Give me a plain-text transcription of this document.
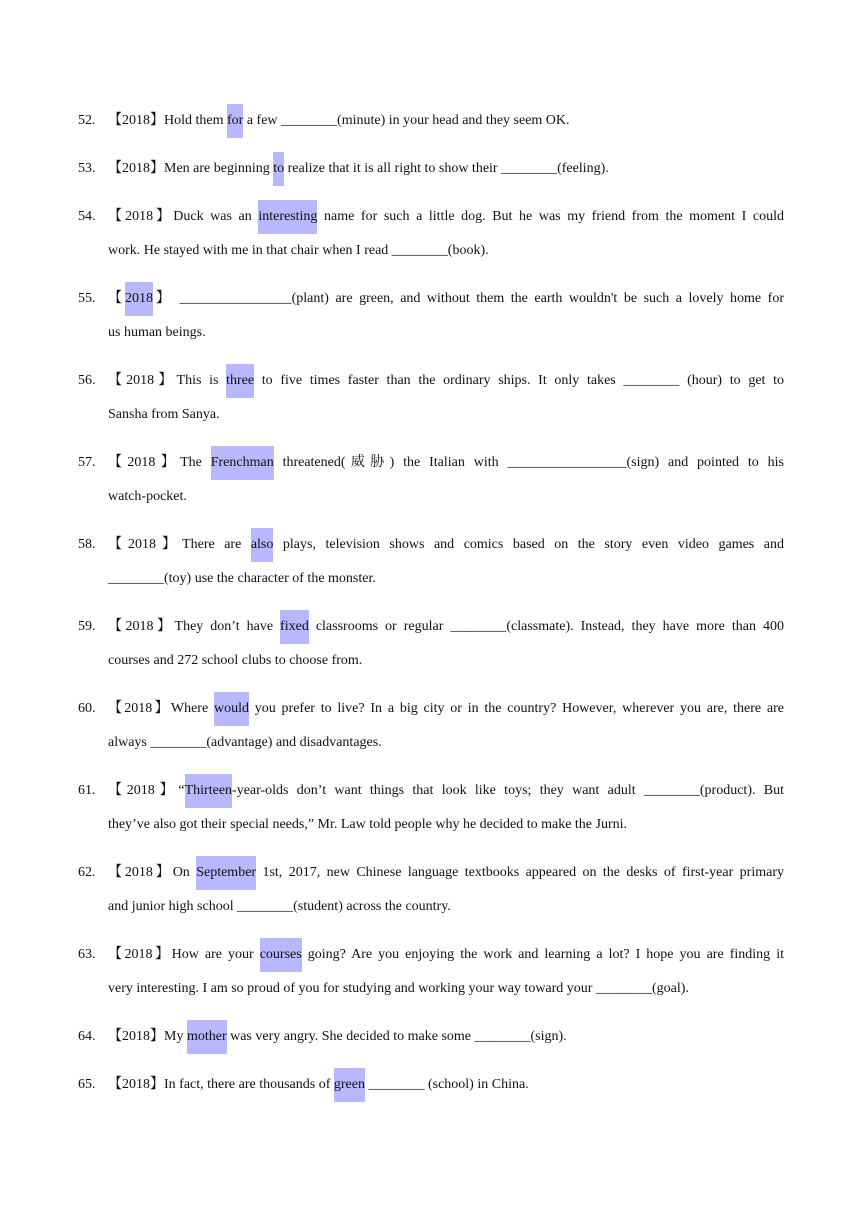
52. 【2018】Hold them for a few ________(minute) in your head and they seem OK.
53. 【2018】Men are beginning to realize that it is all right to show their ________(feeling).
54. 【2018】Duck was an interesting name for such a little dog. But he was my friend from the moment I could
work. He stayed with me in that chair when I read ________(book).
55. 【2018】 ________________(plant) are green, and without them the earth wouldn't be such a lovely home for
us human beings.
56. 【2018】This is three to five times faster than the ordinary ships. It only takes ________ (hour) to get to
Sansha from Sanya.
57. 【2018】The Frenchman threatened(威胁) the Italian with _________________(sign) and pointed to his
watch-pocket.
58. 【2018】There are also plays, television shows and comics based on the story even video games and
________(toy) use the character of the monster.
59. 【2018】They don’t have fixed classrooms or regular ________(classmate). Instead, they have more than 400
courses and 272 school clubs to choose from.
60. 【2018】Where would you prefer to live? In a big city or in the country? However, wherever you are, there are
always ________(advantage) and disadvantages.
61. 【2018】“Thirteen-year-olds don’t want things that look like toys; they want adult ________(product). But
they’ve also got their special needs,” Mr. Law told people why he decided to make the Jurni.
62. 【2018】On September 1st, 2017, new Chinese language textbooks appeared on the desks of first-year primary
and junior high school ________(student) across the country.
63. 【2018】How are your courses going? Are you enjoying the work and learning a lot? I hope you are finding it
very interesting. I am so proud of you for studying and working your way toward your ________(goal).
64. 【2018】My mother was very angry. She decided to make some ________(sign).
65. 【2018】In fact, there are thousands of green ________ (school) in China.
